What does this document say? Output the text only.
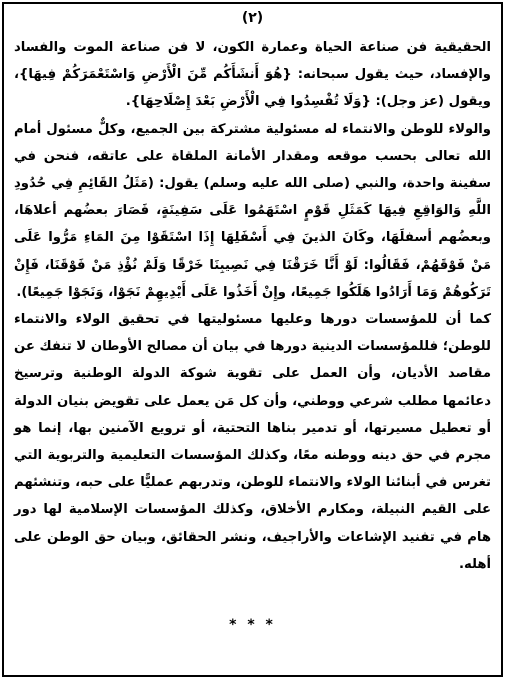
(٢)

الحقيقية فن صناعة الحياة وعمارة الكون، لا فن صناعة الموت والفساد والإفساد، حيث يقول سبحانه: {هُوَ أَنشَأَكُم مِّنَ الْأَرْضِ وَاسْتَعْمَرَكُمْ فِيهَا}، ويقول (عز وجل): {وَلَا تُفْسِدُوا فِي الْأَرْضِ بَعْدَ إِصْلَاحِهَا}.

والولاء للوطن والانتماء له مسئولية مشتركة بين الجميع، وكلٌّ مسئول أمام الله تعالى بحسب موقعه ومقدار الأمانة الملقاة على عاتقه، فنحن في سفينة واحدة، والنبي (صلى الله عليه وسلم) يقول: (مَثَلُ القَائِمِ فِي حُدُودِ اللَّهِ وَالوَاقِعِ فِيهَا كَمَثَلِ قَوْمٍ اسْتَهَمُوا عَلَى سَفِينَةٍ، فَصَارَ بعضُهم أعلاهَا، وبعضُهم أسفلَهَا، وكَانَ الذينَ فِي أَسْفَلِهَا إِذَا اسْتَقَوْا مِنَ المَاءِ مَرُّوا عَلَى مَنْ فَوْقَهُمْ، فَقَالُوا: لَوْ أَنَّا خَرَقْنَا فِي نَصِيبِنَا خَرْقًا وَلَمْ نُؤْذِ مَنْ فَوْقَنَا، فَإِنْ تَرَكُوهُمْ وَمَا أَرَادُوا هَلَكُوا جَمِيعًا، وإِنْ أَخَذُوا عَلَى أَيْدِيهِمْ نَجَوْا، وَنَجَوْا جَمِيعًا).

كما أن للمؤسسات دورها وعليها مسئوليتها في تحقيق الولاء والانتماء للوطن؛ فللمؤسسات الدينية دورها في بيان أن مصالح الأوطان لا تنفك عن مقاصد الأديان، وأن العمل على تقوية شوكة الدولة الوطنية وترسيخ دعائمها مطلب شرعي ووطني، وأن كل مَن يعمل على تقويض بنيان الدولة أو تعطيل مسيرتها، أو تدمير بناها التحتية، أو ترويع الآمنين بها، إنما هو مجرم في حق دينه ووطنه معًا، وكذلك المؤسسات التعليمية والتربوية التي تغرس في أبنائنا الولاء والانتماء للوطن، وتدربهم عمليًّا على حبه، وتنشئهم على القيم النبيلة، ومكارم الأخلاق، وكذلك المؤسسات الإسلامية لها دور هام في تفنيد الإشاعات والأراجيف، ونشر الحقائق، وبيان حق الوطن على أهله.

* * *
